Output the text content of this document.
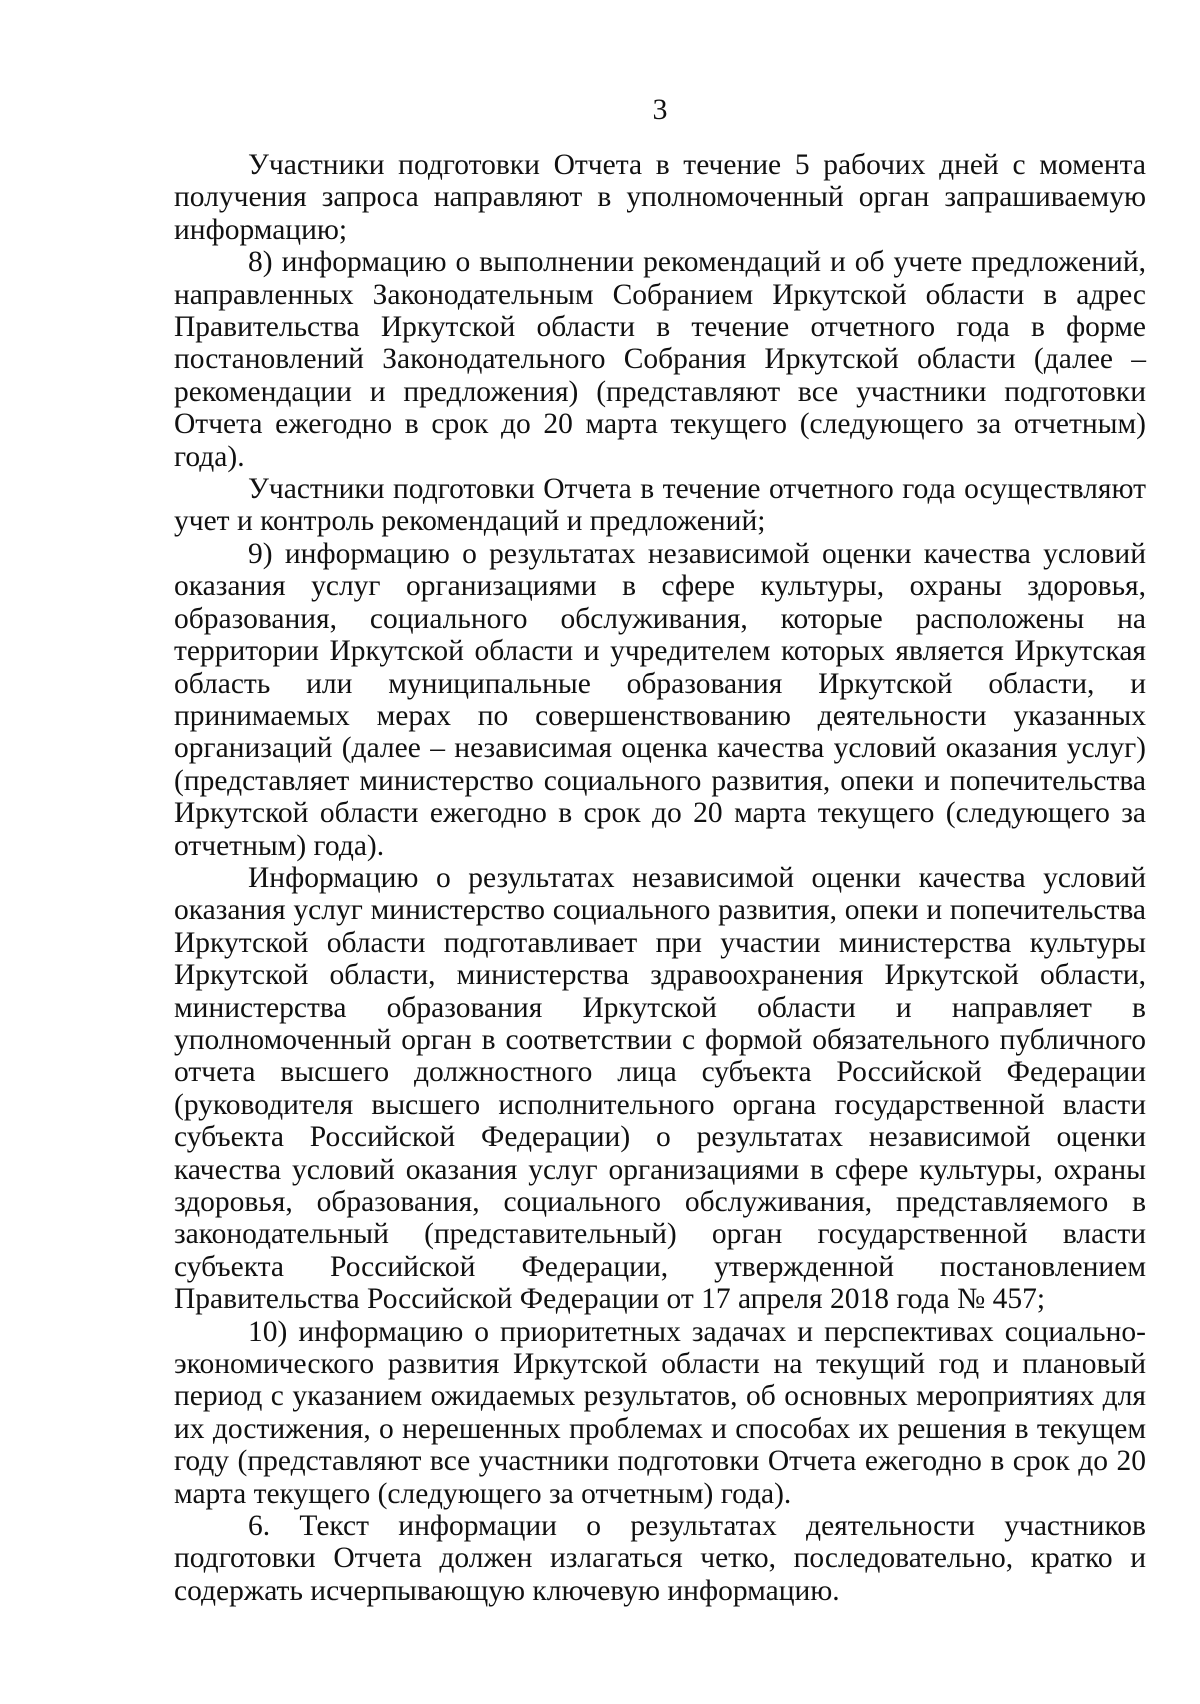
3

Участники подготовки Отчета в течение 5 рабочих дней с момента получения запроса направляют в уполномоченный орган запрашиваемую информацию;

8) информацию о выполнении рекомендаций и об учете предложений, направленных Законодательным Собранием Иркутской области в адрес Правительства Иркутской области в течение отчетного года в форме постановлений Законодательного Собрания Иркутской области (далее – рекомендации и предложения) (представляют все участники подготовки Отчета ежегодно в срок до 20 марта текущего (следующего за отчетным) года).

Участники подготовки Отчета в течение отчетного года осуществляют учет и контроль рекомендаций и предложений;

9) информацию о результатах независимой оценки качества условий оказания услуг организациями в сфере культуры, охраны здоровья, образования, социального обслуживания, которые расположены на территории Иркутской области и учредителем которых является Иркутская область или муниципальные образования Иркутской области, и принимаемых мерах по совершенствованию деятельности указанных организаций (далее – независимая оценка качества условий оказания услуг) (представляет министерство социального развития, опеки и попечительства Иркутской области ежегодно в срок до 20 марта текущего (следующего за отчетным) года).

Информацию о результатах независимой оценки качества условий оказания услуг министерство социального развития, опеки и попечительства Иркутской области подготавливает при участии министерства культуры Иркутской области, министерства здравоохранения Иркутской области, министерства образования Иркутской области и направляет в уполномоченный орган в соответствии с формой обязательного публичного отчета высшего должностного лица субъекта Российской Федерации (руководителя высшего исполнительного органа государственной власти субъекта Российской Федерации) о результатах независимой оценки качества условий оказания услуг организациями в сфере культуры, охраны здоровья, образования, социального обслуживания, представляемого в законодательный (представительный) орган государственной власти субъекта Российской Федерации, утвержденной постановлением Правительства Российской Федерации от 17 апреля 2018 года № 457;

10) информацию о приоритетных задачах и перспективах социально-экономического развития Иркутской области на текущий год и плановый период с указанием ожидаемых результатов, об основных мероприятиях для их достижения, о нерешенных проблемах и способах их решения в текущем году (представляют все участники подготовки Отчета ежегодно в срок до 20 марта текущего (следующего за отчетным) года).

6. Текст информации о результатах деятельности участников подготовки Отчета должен излагаться четко, последовательно, кратко и содержать исчерпывающую ключевую информацию.
